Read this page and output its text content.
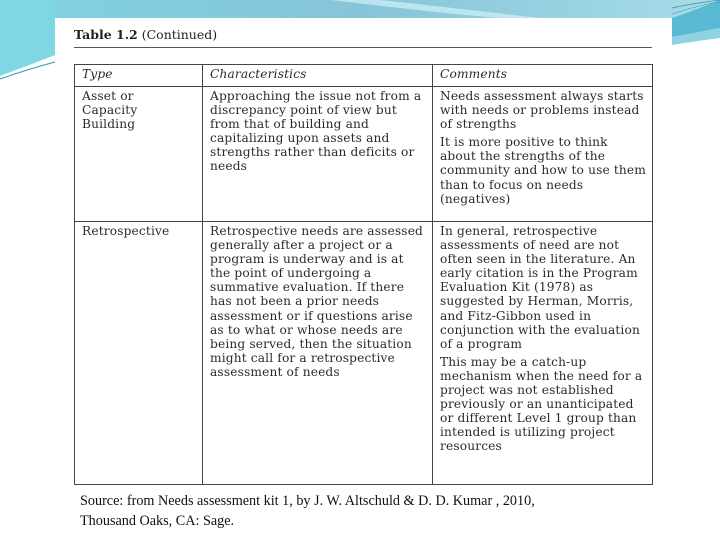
Table 1.2 (Continued)
Type	Characteristics	Comments

Asset or Capacity Building	Approaching the issue not from a discrepancy point of view but from that of building and capitalizing upon assets and strengths rather than deficits or needs	Needs assessment always starts with needs or problems instead of strengths

It is more positive to think about the strengths of the community and how to use them than to focus on needs (negatives)

Retrospective	Retrospective needs are assessed generally after a project or a program is underway and is at the point of undergoing a summative evaluation. If there has not been a prior needs assessment or if questions arise as to what or whose needs are being served, then the situation might call for a retrospective assessment of needs

In general, retrospective assessments of need are not often seen in the literature. An early citation is in the Program Evaluation Kit (1978) as suggested by Herman, Morris, and Fitz-Gibbon used in conjunction with the evaluation of a program

This may be a catch-up mechanism when the need for a project was not established previously or an unanticipated or different Level 1 group than intended is utilizing project resources

Source: from Needs assessment kit 1, by J. W. Altschuld & D. D. Kumar , 2010,
Thousand Oaks, CA: Sage.
